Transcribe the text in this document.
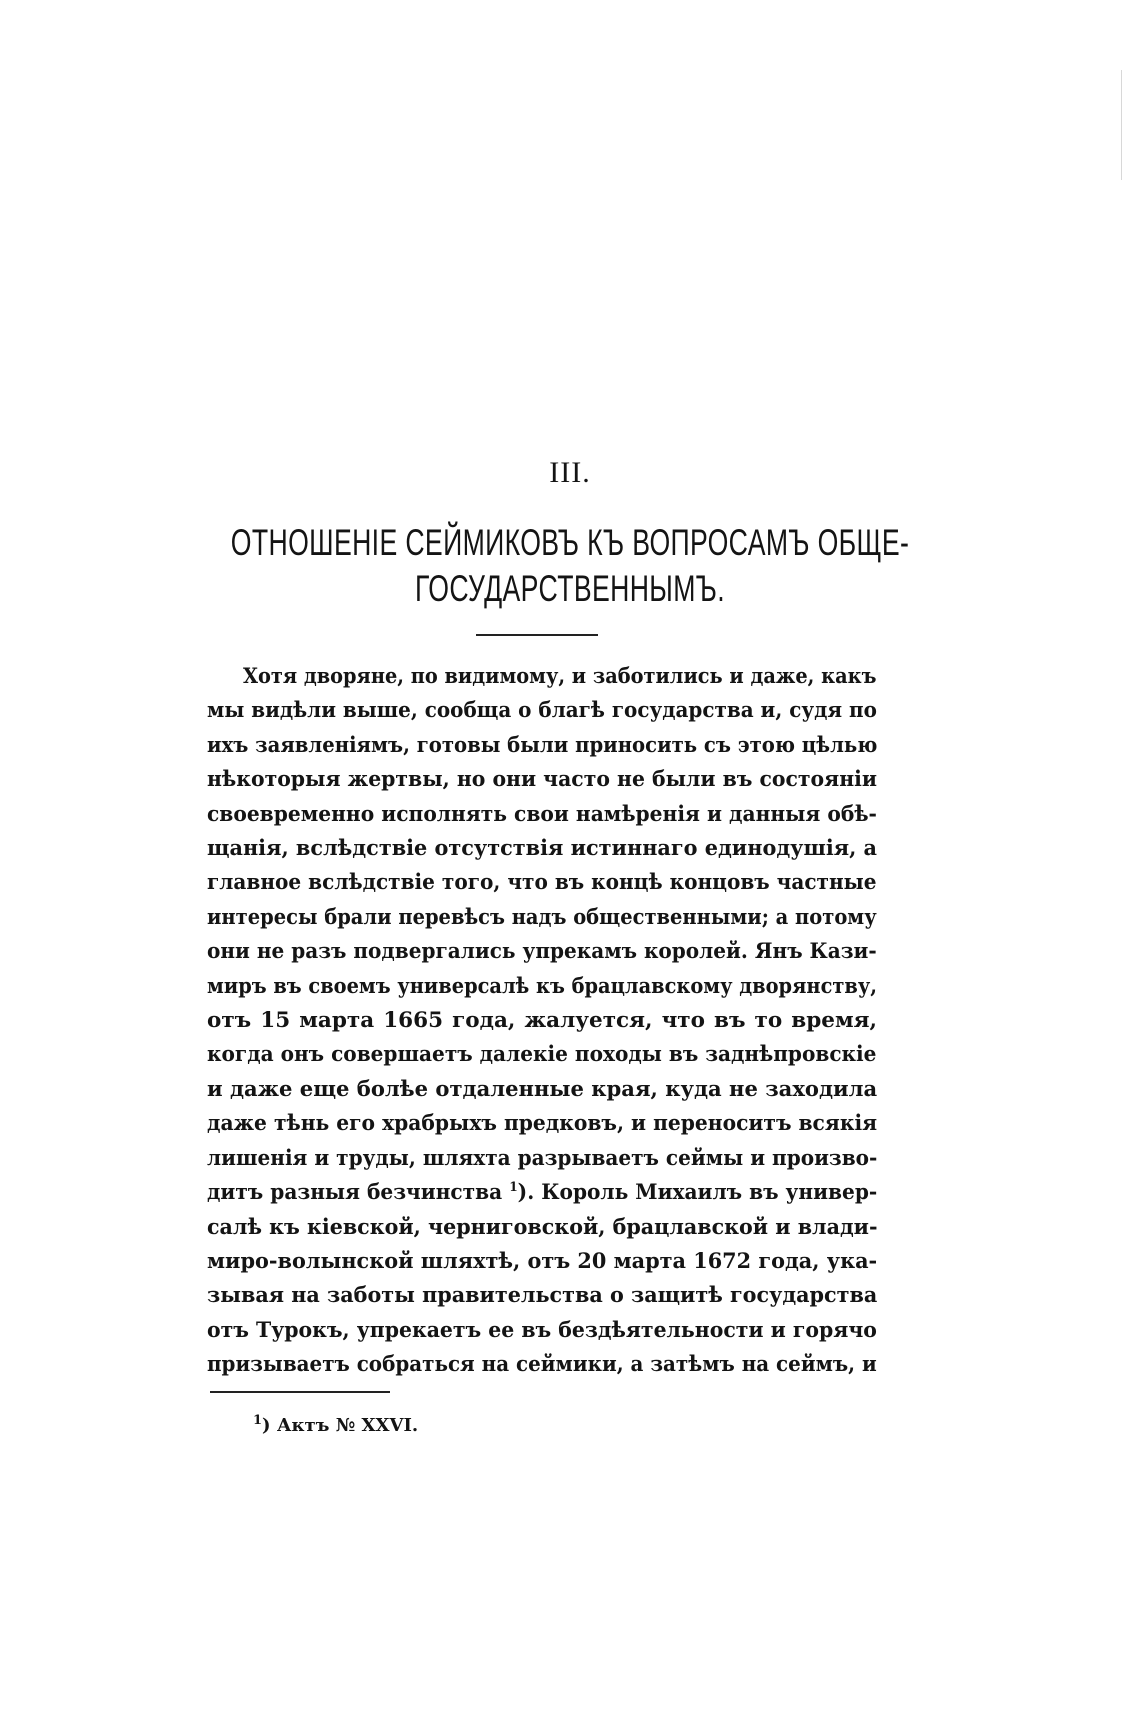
III.
ОТНОШЕНІЕ СЕЙМИКОВЪ КЪ ВОПРОСАМЪ ОБЩЕ-
ГОСУДАРСТВЕННЫМЪ.
Хотя дворяне, по видимому, и заботились и даже, какъ
мы видѣли выше, сообща о благѣ государства и, судя по
ихъ заявленіямъ, готовы были приносить съ этою цѣлью
нѣкоторыя жертвы, но они часто не были въ состояніи
своевременно исполнять свои намѣренія и данныя обѣ-
щанія, вслѣдствіе отсутствія истиннаго единодушія, а
главное вслѣдствіе того, что въ концѣ концовъ частные
интересы брали перевѣсъ надъ общественными; а потому
они не разъ подвергались упрекамъ королей. Янъ Кази-
миръ въ своемъ универсалѣ къ брацлавскому дворянству,
отъ 15 марта 1665 года, жалуется, что въ то время,
когда онъ совершаетъ далекіе походы въ заднѣпровскіе
и даже еще болѣе отдаленные края, куда не заходила
даже тѣнь его храбрыхъ предковъ, и переноситъ всякія
лишенія и труды, шляхта разрываетъ сеймы и произво-
дитъ разныя безчинства $^1$). Король Михаилъ въ универ-
салѣ къ кіевской, черниговской, брацлавской и влади-
миро-волынской шляхтѣ, отъ 20 марта 1672 года, ука-
зывая на заботы правительства о защитѣ государства
отъ Турокъ, упрекаетъ ее въ бездѣятельности и горячо
призываетъ собраться на сеймики, а затѣмъ на сеймъ, и
$^1$) Актъ № XXVI.
